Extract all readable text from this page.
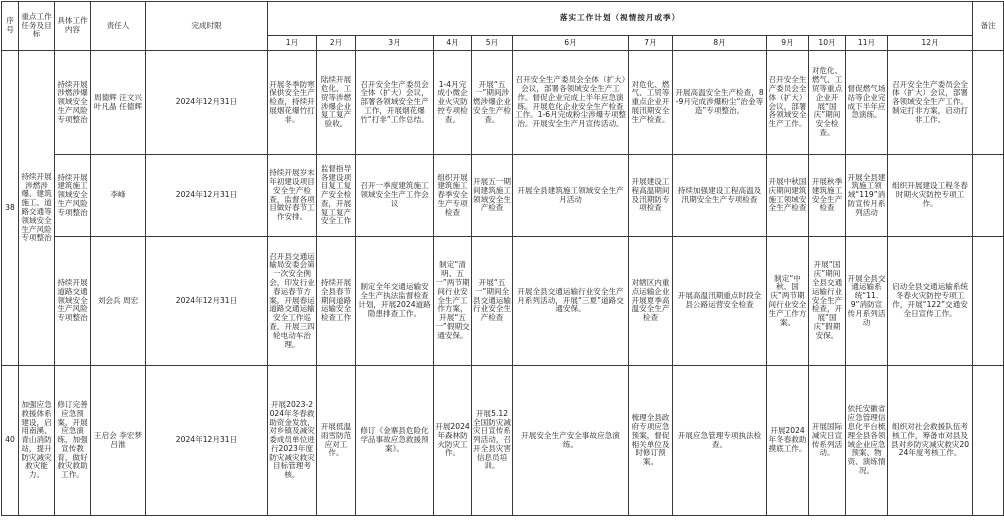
序号	重点工作任务及目标	具体工作内容	责任人	完成时限	落实工作计划（视情按月或季）												备注
					1月	2月	3月	4月	5月	6月	7月	8月	9月	10月	11月	12月	
38	持续开展涉燃涉爆、建筑施工、道路交通等领域安全生产风险专项整治	持续开展涉燃涉爆领域安全生产风险专项整治	周德辉 汪文兴 叶凡晶 任德辉	2024年12月31日	开展冬季防寒保供安全生产检查，持续开展烟花爆竹打非。	陆续开展危化、工贸等涉燃涉爆企业复工复产验收。	召开安全生产委员会全体（扩大）会议，部署各领域安全生产工作，开展烟花爆竹“打非”工作总结。	1-4月完成小微企业火灾防控专项检查。	开展“五一”期间涉燃涉爆企业安全生产检查。	召开安全生产委员会全体（扩大）会议，部署各领域安全生产工作。督促企业完成上半年应急演练。开展危化企业安全生产检查工作。1-6月完成粉尘涉爆专项整治。开展安全生产月宣传活动。	对危化、燃气、工贸等重点企业开展汛期安全生产检查。	开展高温安全生产检查，8-9月完成涉爆粉尘“治金等造”专项整治。	召开安全生产委员会全体（扩大）会议，部署各领域安全生产工作。	对危化、燃气、工贸等重点企业开展“国庆”期间安全检查。	督促燃气场站等企业完成下半年应急演练。	召开安全生产委员会全体（扩大）会议，部署各领域安全生产工作。制定打非方案，启动打非工作。	
		持续开展建筑施工领域安全生产风险专项整治	李峰	2024年12月31日	持续开展岁末年初建设项目安全生产检查，监督各项目做好春节工作安排。	监督指导各建设项目复工复产安全检查，开展复工复产安全工作	召开一季度建筑施工领域安全生产工作会议	组织开展建筑施工春季安全生产专项检查	开展五一期间建筑施工领域安全生产检查	开展全县建筑施工领域安全生产月活动	开展建设工程高温期间及汛期防专项检查	持续加强建设工程高温及汛期安全生产专项检查	开展中秋国庆期间建筑施工领域安全生产检查	开展秋季建筑施工安全生产检查	开展全县建筑施工领域“119”消防宣传月系列活动	组织开展建设工程冬春时期火灾防控专项工作。	
		持续开展道路交通领域安全生产风险专项整治	刘会兵 周宏	2024年12月31日	召开县交通运输局安委会第一次安全例会，印发行业春运春节方案，开展春运道路交通运输安全工作巡查，开展三四轮电动车治理。	持续开展全县春节期间道路运输安全检查工作	制定全年交通运输安全生产执法监督检查计划，开展2024道路隐患排查工作。	制定“清明、五一”两节期间行业安全生产工作方案，开展“五一”假期交通安保。	开展“五一”期间全县交通运输行业安全生产检查	开展全县交通运输行业安全生产月系列活动，开展“三夏”道路交通安保。	对辖区内重点运输企业开展夏季高温安全生产检查	开展高温汛期重点时段全县公路运营安全检查	制定“中秋、国庆”两节期间行业安全生产工作方案。	开展“国庆”期间全县交通运输行业安全生产检查，开展“国庆”假期安保。	开展全县交通运输系统“11.9”消防宣传月系列活动	启动全县交通运输系统冬春火灾防控专项工作，开展“122”交通安全日宣传工作。	
40	加强应急救援体系建设，启用南溪、青山消防站，提升防灾减灾救灾能力。	修订完善应急预案，开展应急演练，加强宣传教育，做好救灾救助工作。	王启会 李宏梦 吕淮	2024年12月31日	开展2023-2024年冬春救助资金发放，对乡镇及减灾委成员单位进行2023年度防灾减灾救灾目标管理考核。	开展低温雨雪防范应对工作。	修订《金寨县危险化学品事故应急救援预案》。	开展2024年森林防火防灾工作。	开展5.12全国防灾减灾日宣传系列活动，召开全县灾害信息员培训。	开展安全生产安全事故应急演练。	梳理全县政府专项应急预案，督促相关单位及时修订预案。	开展应急管理专项执法检查。	开展2024年冬春救助摸底工作。	开展国际减灾日宣传系列活动。	依托安徽省应急管理信息化平台梳理全县各领域企业应急预案、物资、演练情况。	组织对社会救援队伍考核工作，筹备市对县及县对乡防灾减灾救灾2024年度考核工作。	
